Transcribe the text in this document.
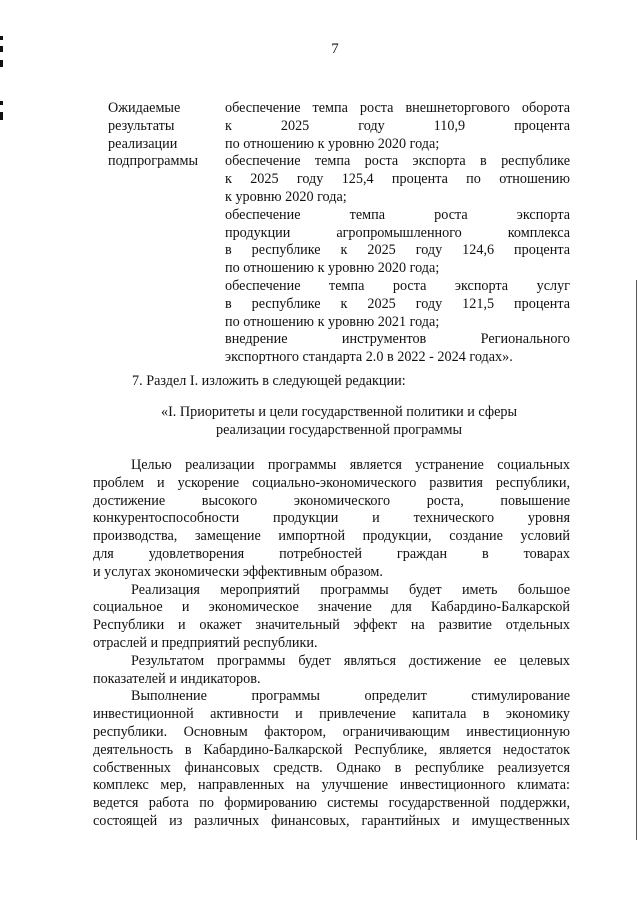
7
Ожидаемые
результаты
реализации
подпрограммы
обеспечение темпа роста внешнеторгового оборота
к 2025 году 110,9 процента
по отношению к уровню 2020 года;
обеспечение темпа роста экспорта в республике
к 2025 году 125,4 процента по отношению
к уровню 2020 года;
обеспечение темпа роста экспорта
продукции агропромышленного комплекса
в республике к 2025 году 124,6 процента
по отношению к уровню 2020 года;
обеспечение темпа роста экспорта услуг
в республике к 2025 году 121,5 процента
по отношению к уровню 2021 года;
внедрение инструментов Регионального
экспортного стандарта 2.0 в 2022 - 2024 годах».
7. Раздел I. изложить в следующей редакции:
«I. Приоритеты и цели государственной политики и сферы
реализации государственной программы
Целью реализации программы является устранение социальных
проблем и ускорение социально-экономического развития республики,
достижение высокого экономического роста, повышение
конкурентоспособности продукции и технического уровня
производства, замещение импортной продукции, создание условий
для удовлетворения потребностей граждан в товарах
и услугах экономически эффективным образом.
Реализация мероприятий программы будет иметь большое
социальное и экономическое значение для Кабардино-Балкарской
Республики и окажет значительный эффект на развитие отдельных
отраслей и предприятий республики.
Результатом программы будет являться достижение ее целевых
показателей и индикаторов.
Выполнение программы определит стимулирование
инвестиционной активности и привлечение капитала в экономику
республики. Основным фактором, ограничивающим инвестиционную
деятельность в Кабардино-Балкарской Республике, является недостаток
собственных финансовых средств. Однако в республике реализуется
комплекс мер, направленных на улучшение инвестиционного климата:
ведется работа по формированию системы государственной поддержки,
состоящей из различных финансовых, гарантийных и имущественных
